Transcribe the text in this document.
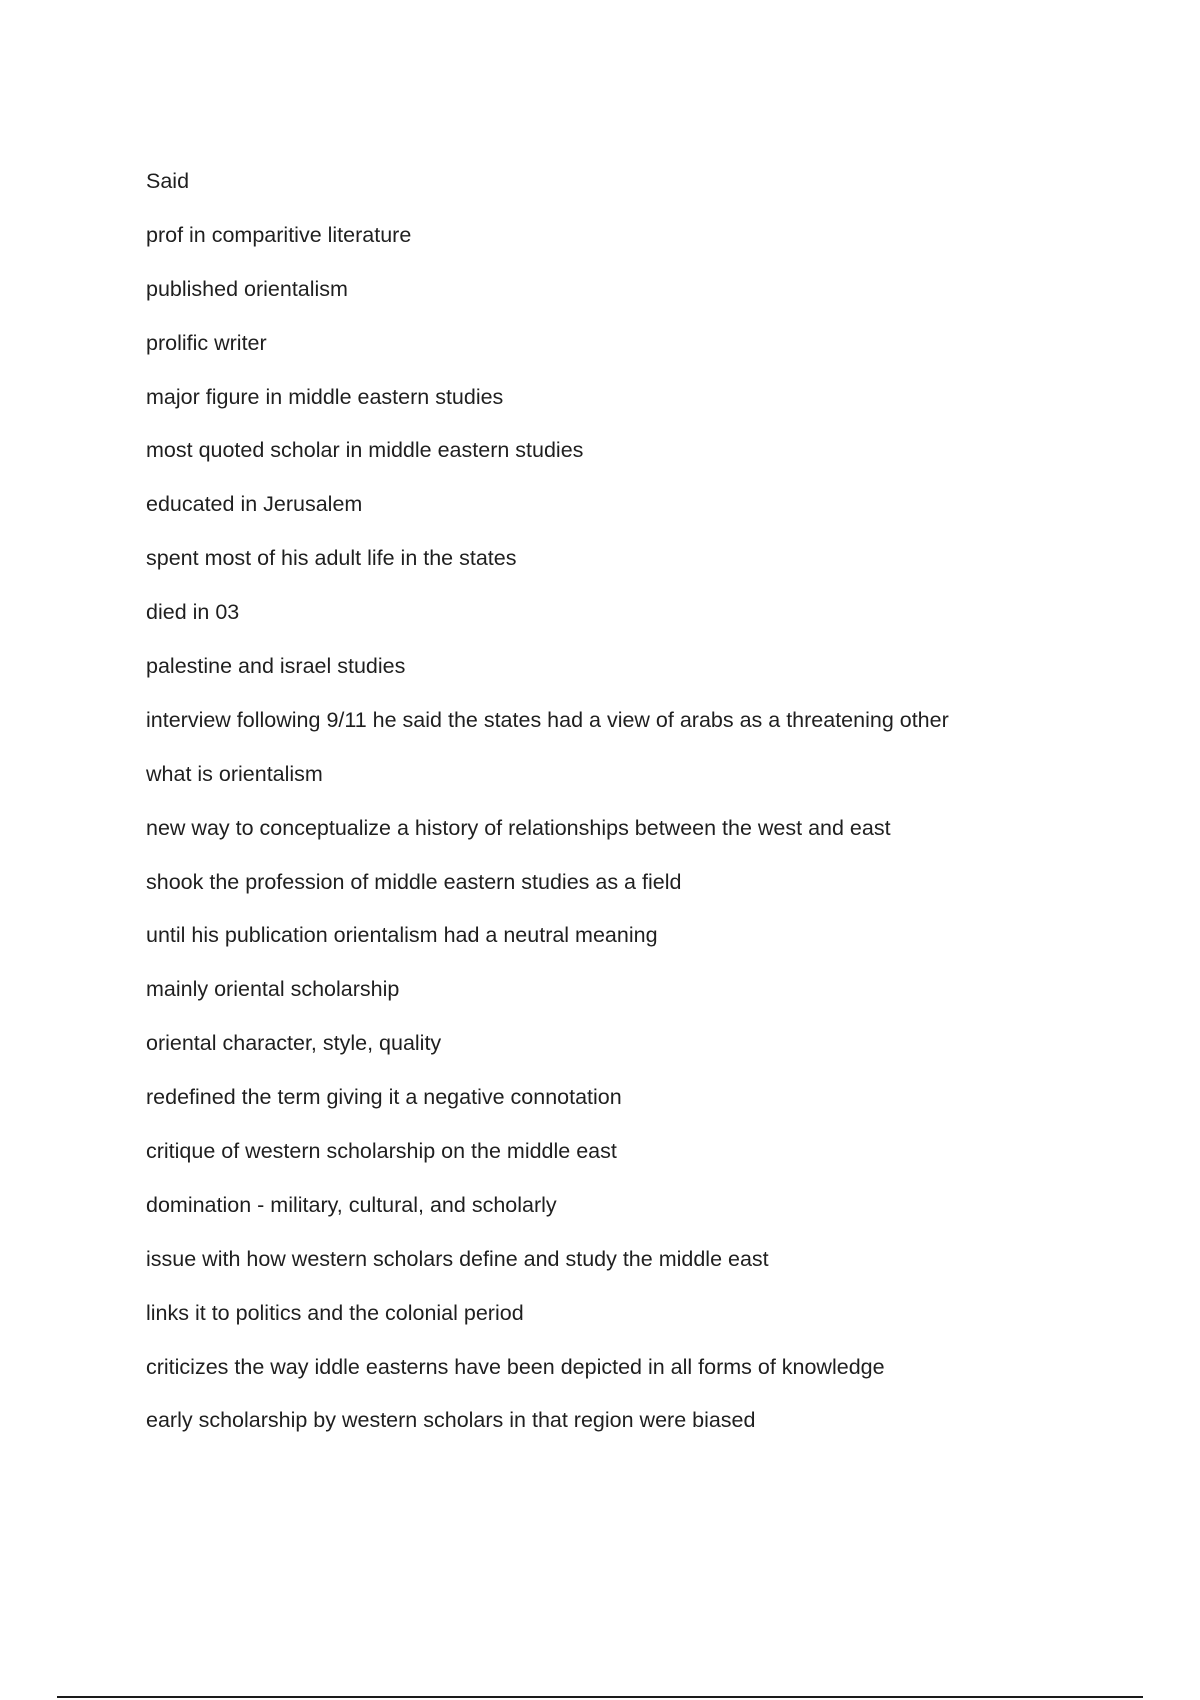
Said
prof in comparitive literature
published orientalism
prolific writer
major figure in middle eastern studies
most quoted scholar in middle eastern studies
educated in Jerusalem
spent most of his adult life in the states
died in 03
palestine and israel studies
interview following 9/11 he said the states had a view of arabs as a threatening other
what is orientalism
new way to conceptualize a history of relationships between the west and east
shook the profession of middle eastern studies as a field
until his publication orientalism had a neutral meaning
mainly oriental scholarship
oriental character, style, quality
redefined the term giving it a negative connotation
critique of western scholarship on the middle east
domination - military, cultural, and scholarly
issue with how western scholars define and study the middle east
links it to politics and the colonial period
criticizes the way iddle easterns have been depicted in all forms of knowledge
early scholarship by western scholars in that region were biased
